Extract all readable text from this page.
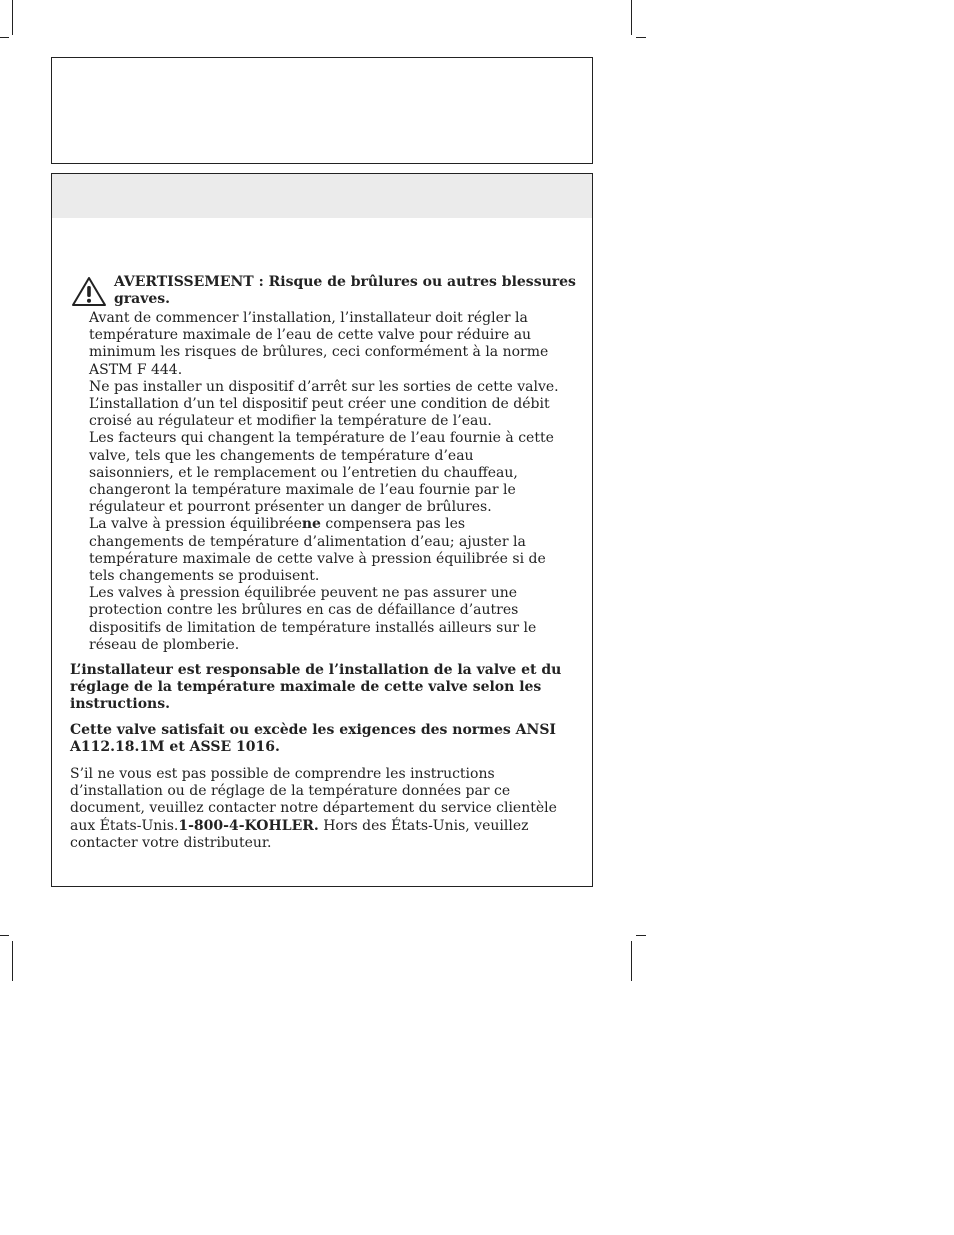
AVERTISSEMENT : Risque de brûlures ou autres blessures graves.

Avant de commencer l’installation, l’installateur doit régler la température maximale de l’eau de cette valve pour réduire au minimum les risques de brûlures, ceci conformément à la norme ASTM F 444.

Ne pas installer un dispositif d’arrêt sur les sorties de cette valve. L’installation d’un tel dispositif peut créer une condition de débit croisé au régulateur et modifier la température de l’eau.

Les facteurs qui changent la température de l’eau fournie à cette valve, tels que les changements de température d’eau saisonniers, et le remplacement ou l’entretien du chauffeau, changeront la température maximale de l’eau fournie par le régulateur et pourront présenter un danger de brûlures.

La valve à pression équilibréene compensera pas les changements de température d’alimentation d’eau; ajuster la température maximale de cette valve à pression équilibrée si de tels changements se produisent.

Les valves à pression équilibrée peuvent ne pas assurer une protection contre les brûlures en cas de défaillance d’autres dispositifs de limitation de température installés ailleurs sur le réseau de plomberie.

L’installateur est responsable de l’installation de la valve et du réglage de la température maximale de cette valve selon les instructions.

Cette valve satisfait ou excède les exigences des normes ANSI A112.18.1M et ASSE 1016.

S’il ne vous est pas possible de comprendre les instructions d’installation ou de réglage de la température données par ce document, veuillez contacter notre département du service clientèle aux États-Unis.1-800-4-KOHLER. Hors des États-Unis, veuillez contacter votre distributeur.
